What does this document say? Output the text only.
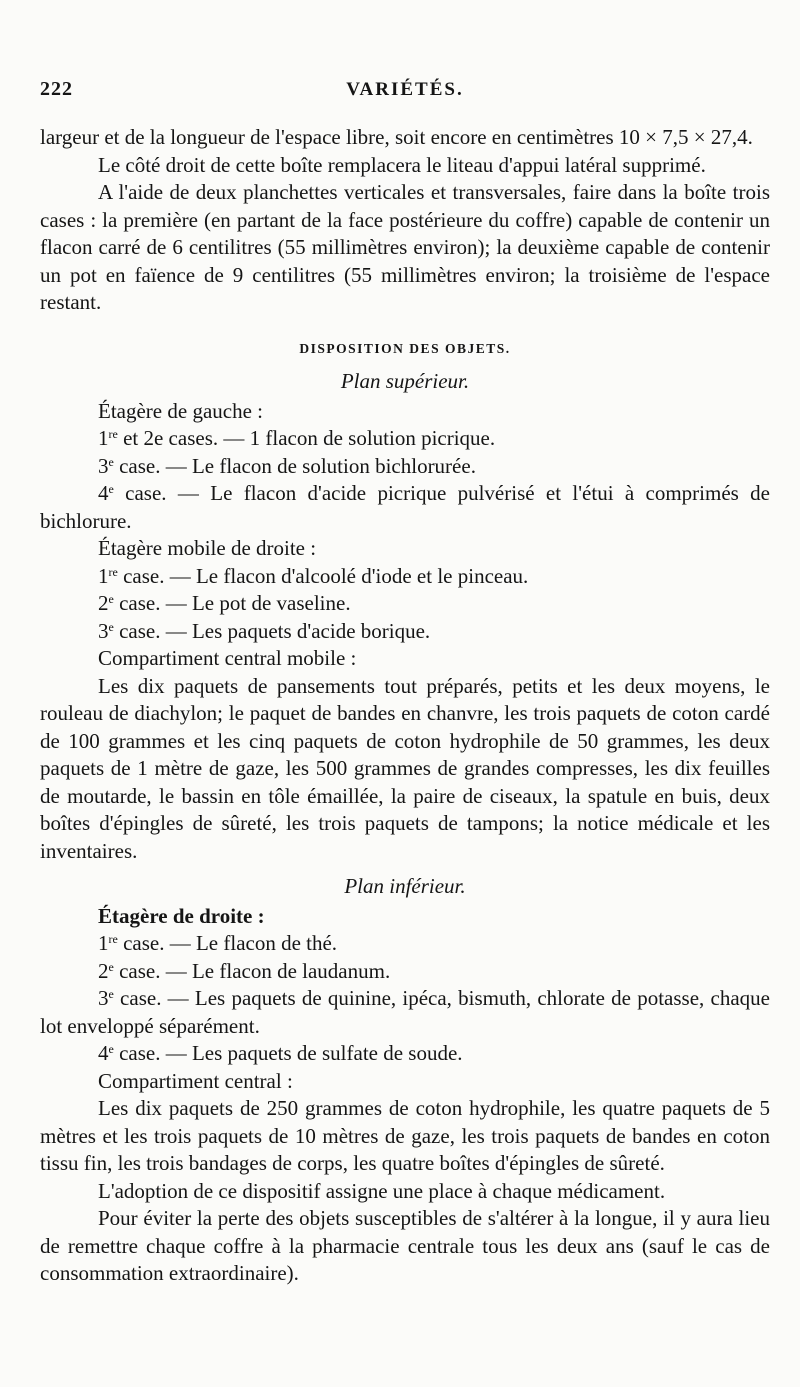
222	VARIÉTÉS.

largeur et de la longueur de l'espace libre, soit encore en centimètres 10 × 7,5 × 27,4.

Le côté droit de cette boîte remplacera le liteau d'appui latéral supprimé.

A l'aide de deux planchettes verticales et transversales, faire dans la boîte trois cases : la première (en partant de la face postérieure du coffre) capable de contenir un flacon carré de 6 centilitres (55 millimètres environ); la deuxième capable de contenir un pot en faïence de 9 centilitres (55 millimètres environ; la troisième de l'espace restant.

DISPOSITION DES OBJETS.
Plan supérieur.

Étagère de gauche :

1re et 2e cases. — 1 flacon de solution picrique.

3e case. — Le flacon de solution bichlorurée.

4e case. — Le flacon d'acide picrique pulvérisé et l'étui à comprimés de bichlorure.

Étagère mobile de droite :

1re case. — Le flacon d'alcoolé d'iode et le pinceau.

2e case. — Le pot de vaseline.

3e case. — Les paquets d'acide borique.

Compartiment central mobile :

Les dix paquets de pansements tout préparés, petits et les deux moyens, le rouleau de diachylon; le paquet de bandes en chanvre, les trois paquets de coton cardé de 100 grammes et les cinq paquets de coton hydrophile de 50 grammes, les deux paquets de 1 mètre de gaze, les 500 grammes de grandes compresses, les dix feuilles de moutarde, le bassin en tôle émaillée, la paire de ciseaux, la spatule en buis, deux boîtes d'épingles de sûreté, les trois paquets de tampons; la notice médicale et les inventaires.

Plan inférieur.

Étagère de droite :

1re case. — Le flacon de thé.

2e case. — Le flacon de laudanum.

3e case. — Les paquets de quinine, ipéca, bismuth, chlorate de potasse, chaque lot enveloppé séparément.

4e case. — Les paquets de sulfate de soude.

Compartiment central :

Les dix paquets de 250 grammes de coton hydrophile, les quatre paquets de 5 mètres et les trois paquets de 10 mètres de gaze, les trois paquets de bandes en coton tissu fin, les trois bandages de corps, les quatre boîtes d'épingles de sûreté.

L'adoption de ce dispositif assigne une place à chaque médicament.

Pour éviter la perte des objets susceptibles de s'altérer à la longue, il y aura lieu de remettre chaque coffre à la pharmacie centrale tous les deux ans (sauf le cas de consommation extraordinaire).
